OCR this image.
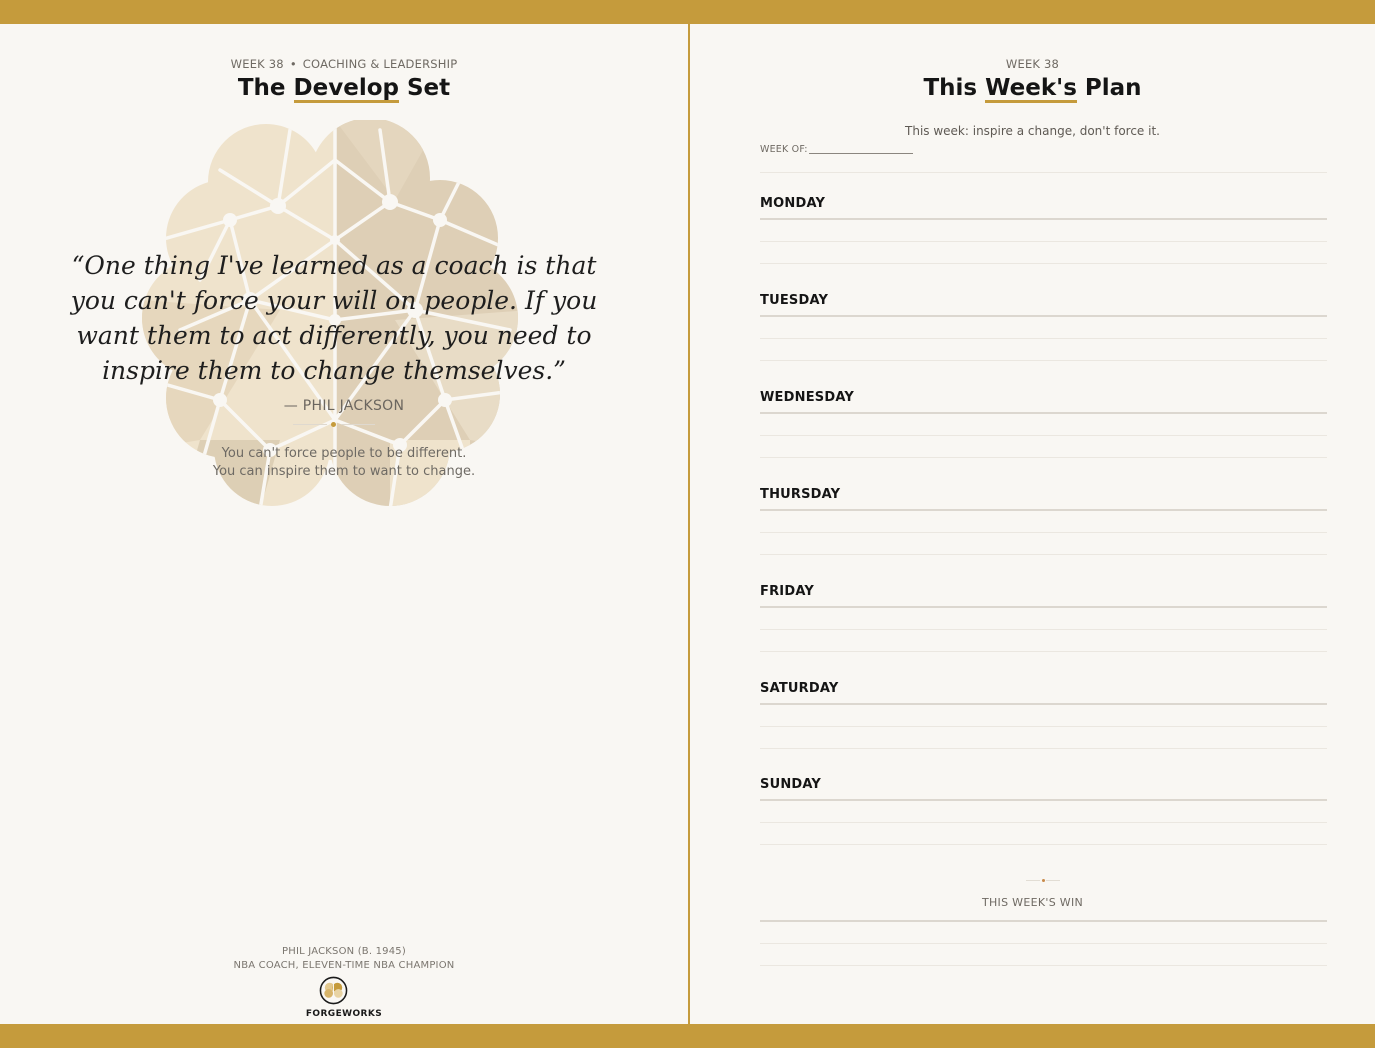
WEEK 38 • COACHING & LEADERSHIP
The Develop Set
“One thing I've learned as a coach is that
you can't force your will on people. If you
want them to act differently, you need to
inspire them to change themselves.”
— PHIL JACKSON
You can't force people to be different.
You can inspire them to want to change.
PHIL JACKSON (B. 1945)
NBA COACH, ELEVEN-TIME NBA CHAMPION
FORGEWORKS
WEEK 38
This Week's Plan
This week: inspire a change, don't force it.
WEEK OF:
MONDAY
TUESDAY
WEDNESDAY
THURSDAY
FRIDAY
SATURDAY
SUNDAY
THIS WEEK'S WIN
